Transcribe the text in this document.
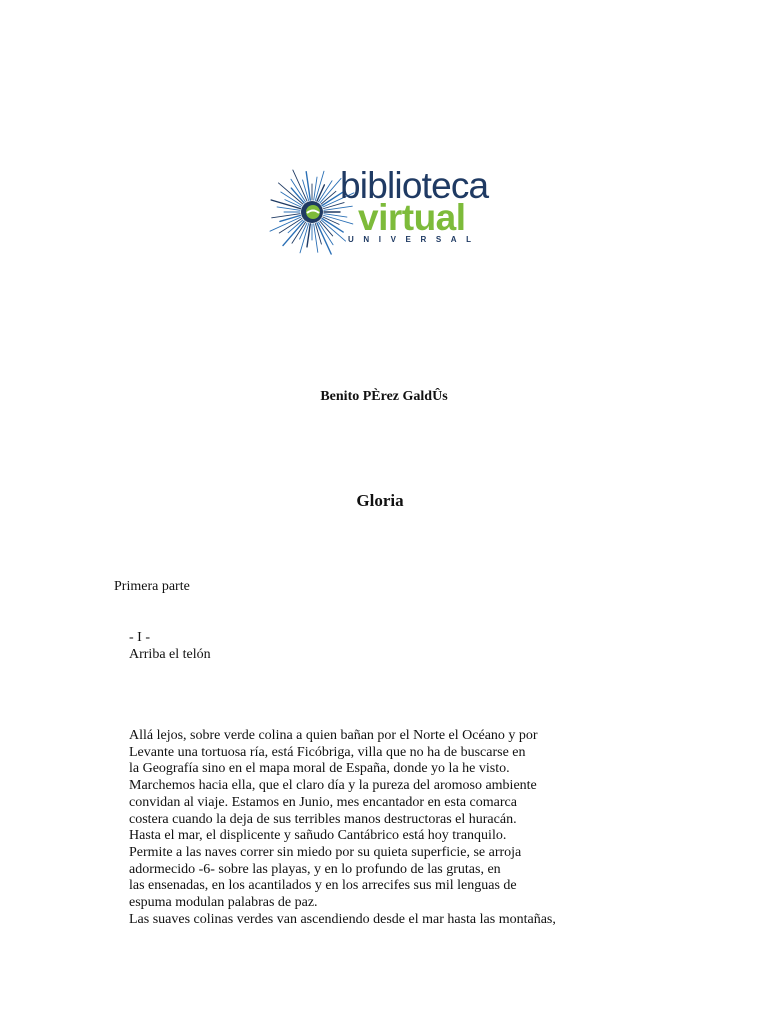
biblioteca
virtual
UNIVERSAL
Benito PÈrez GaldÛs
Gloria
Primera parte
- I -
Arriba el telón
Allá lejos, sobre verde colina a quien bañan por el Norte el Océano y por
Levante una tortuosa ría, está Ficóbriga, villa que no ha de buscarse en
la Geografía sino en el mapa moral de España, donde yo la he visto.
Marchemos hacia ella, que el claro día y la pureza del aromoso ambiente
convidan al viaje. Estamos en Junio, mes encantador en esta comarca
costera cuando la deja de sus terribles manos destructoras el huracán.
Hasta el mar, el displicente y sañudo Cantábrico está hoy tranquilo.
Permite a las naves correr sin miedo por su quieta superficie, se arroja
adormecido -6- sobre las playas, y en lo profundo de las grutas, en
las ensenadas, en los acantilados y en los arrecifes sus mil lenguas de
espuma modulan palabras de paz.
Las suaves colinas verdes van ascendiendo desde el mar hasta las montañas,
